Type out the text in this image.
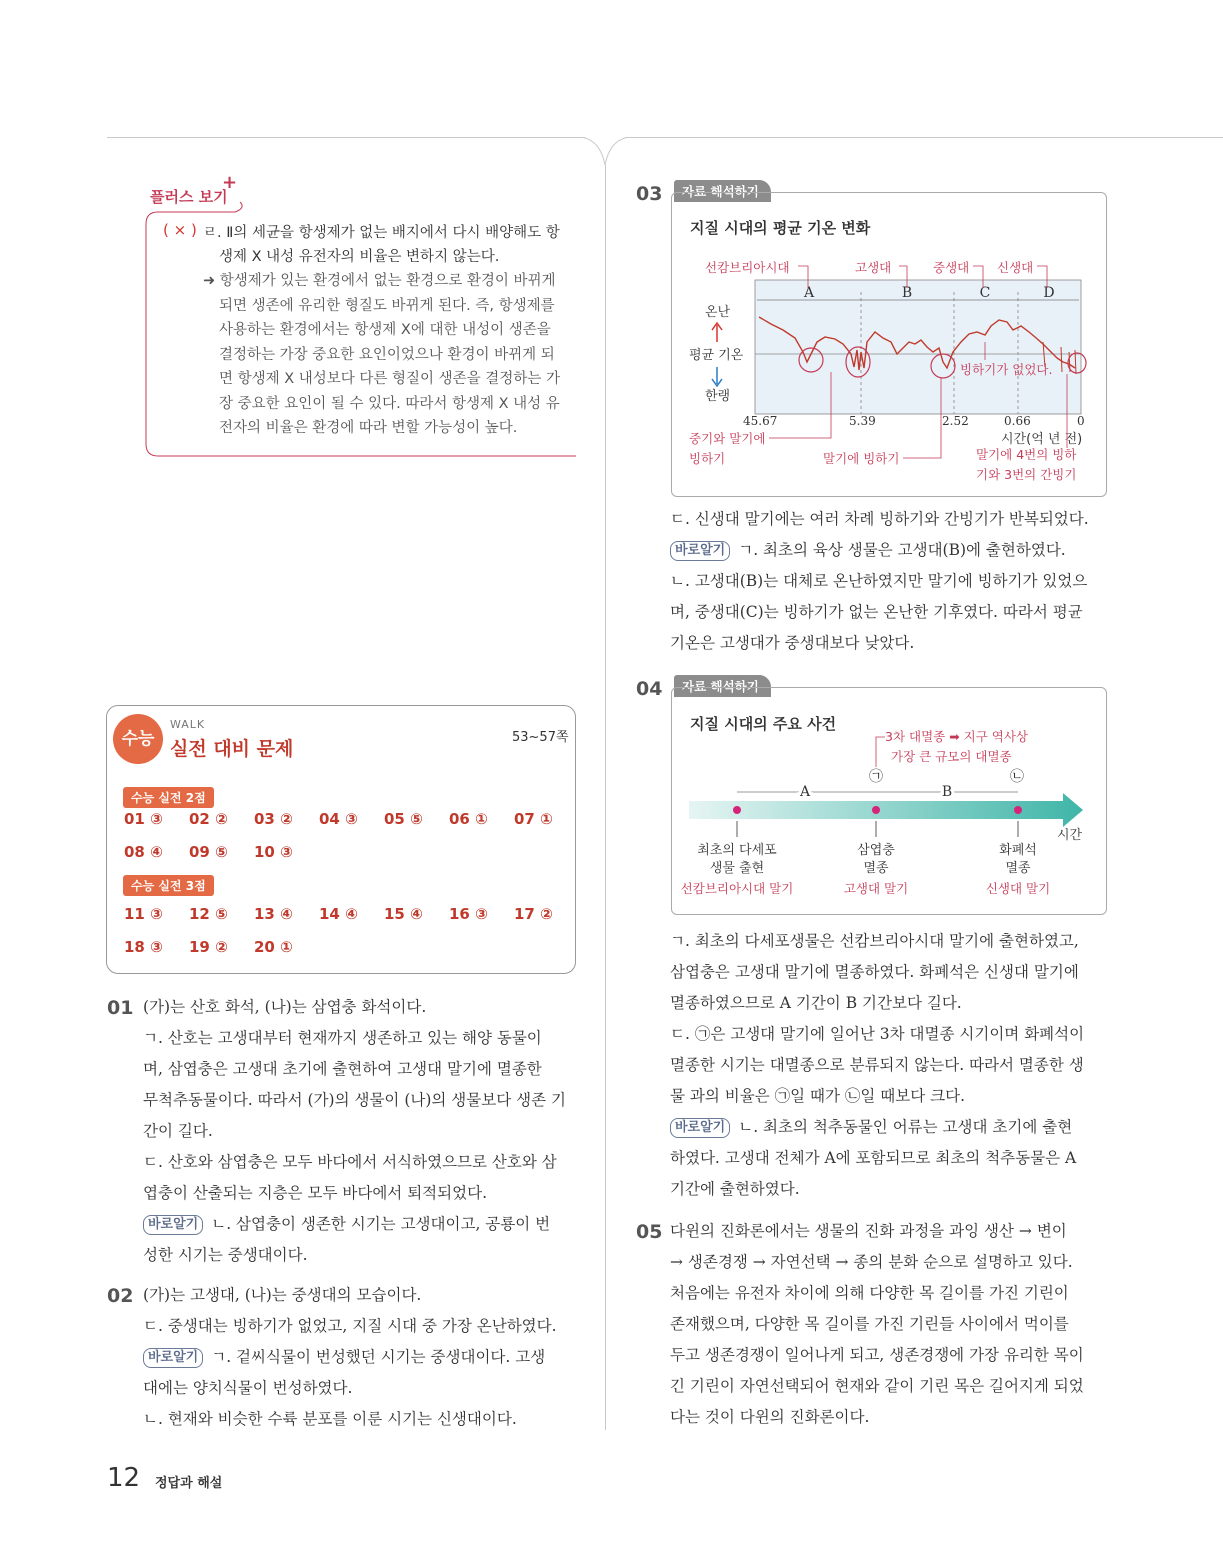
플러스 보기
+
( × ) ㄹ. Ⅱ의 세균을 항생제가 없는 배지에서 다시 배양해도 항
생제 X 내성 유전자의 비율은 변하지 않는다.
➜ 항생제가 있는 환경에서 없는 환경으로 환경이 바뀌게
되면 생존에 유리한 형질도 바뀌게 된다. 즉, 항생제를
사용하는 환경에서는 항생제 X에 대한 내성이 생존을
결정하는 가장 중요한 요인이었으나 환경이 바뀌게 되
면 항생제 X 내성보다 다른 형질이 생존을 결정하는 가
장 중요한 요인이 될 수 있다. 따라서 항생제 X 내성 유
전자의 비율은 환경에 따라 변할 가능성이 높다.
수능
WALK
실전 대비 문제
53~57쪽
수능 실전 2점
01 ③ 02 ② 03 ② 04 ③ 05 ⑤ 06 ① 07 ①
08 ④ 09 ⑤ 10 ③
수능 실전 3점
11 ③ 12 ⑤ 13 ④ 14 ④ 15 ④ 16 ③ 17 ②
18 ③ 19 ② 20 ①
01 (가)는 산호 화석, (나)는 삼엽충 화석이다.

ㄱ. 산호는 고생대부터 현재까지 생존하고 있는 해양 동물이

며, 삼엽충은 고생대 초기에 출현하여 고생대 말기에 멸종한

무척추동물이다. 따라서 (가)의 생물이 (나)의 생물보다 생존 기

간이 길다.

ㄷ. 산호와 삼엽충은 모두 바다에서 서식하였으므로 산호와 삼

엽충이 산출되는 지층은 모두 바다에서 퇴적되었다.

바로알기 ㄴ. 삼엽충이 생존한 시기는 고생대이고, 공룡이 번

성한 시기는 중생대이다.

02 (가)는 고생대, (나)는 중생대의 모습이다.

ㄷ. 중생대는 빙하기가 없었고, 지질 시대 중 가장 온난하였다.

바로알기 ㄱ. 겉씨식물이 번성했던 시기는 중생대이다. 고생

대에는 양치식물이 번성하였다.

ㄴ. 현재와 비슷한 수륙 분포를 이룬 시기는 신생대이다.

12 정답과 해설
03	자료 해석하기
지질 시대의 평균 기온 변화
A	B	C	D
선캄브리아시대	고생대	중생대 신생대
온난
평균 기온
한랭
빙하기가 없었다.
45.67	5.39	2.52	0.66	0
시간(억 년 전)
중기와 말기에
빙하기	말기에 빙하기	말기에 4번의 빙하
기와 3번의 간빙기

ㄷ. 신생대 말기에는 여러 차례 빙하기와 간빙기가 반복되었다.

바로알기 ㄱ. 최초의 육상 생물은 고생대(B)에 출현하였다.

ㄴ. 고생대(B)는 대체로 온난하였지만 말기에 빙하기가 있었으

며, 중생대(C)는 빙하기가 없는 온난한 기후였다. 따라서 평균

기온은 고생대가 중생대보다 낮았다.

04	자료 해석하기
지질 시대의 주요 사건
3차 대멸종 ➡ 지구 역사상
가장 큰 규모의 대멸종
㉠	㉡
A	B
시간
최초의 다세포
생물 출현
선캄브리아시대 말기
삼엽충
멸종
고생대 말기
화폐석
멸종
신생대 말기

ㄱ. 최초의 다세포생물은 선캄브리아시대 말기에 출현하였고,

삼엽충은 고생대 말기에 멸종하였다. 화폐석은 신생대 말기에

멸종하였으므로 A 기간이 B 기간보다 길다.

ㄷ. ㉠은 고생대 말기에 일어난 3차 대멸종 시기이며 화폐석이

멸종한 시기는 대멸종으로 분류되지 않는다. 따라서 멸종한 생

물 과의 비율은 ㉠일 때가 ㉡일 때보다 크다.

바로알기 ㄴ. 최초의 척추동물인 어류는 고생대 초기에 출현

하였다. 고생대 전체가 A에 포함되므로 최초의 척추동물은 A

기간에 출현하였다.

05 다윈의 진화론에서는 생물의 진화 과정을 과잉 생산 → 변이

→ 생존경쟁 → 자연선택 → 종의 분화 순으로 설명하고 있다.

처음에는 유전자 차이에 의해 다양한 목 길이를 가진 기린이

존재했으며, 다양한 목 길이를 가진 기린들 사이에서 먹이를

두고 생존경쟁이 일어나게 되고, 생존경쟁에 가장 유리한 목이

긴 기린이 자연선택되어 현재와 같이 기린 목은 길어지게 되었

다는 것이 다윈의 진화론이다.
